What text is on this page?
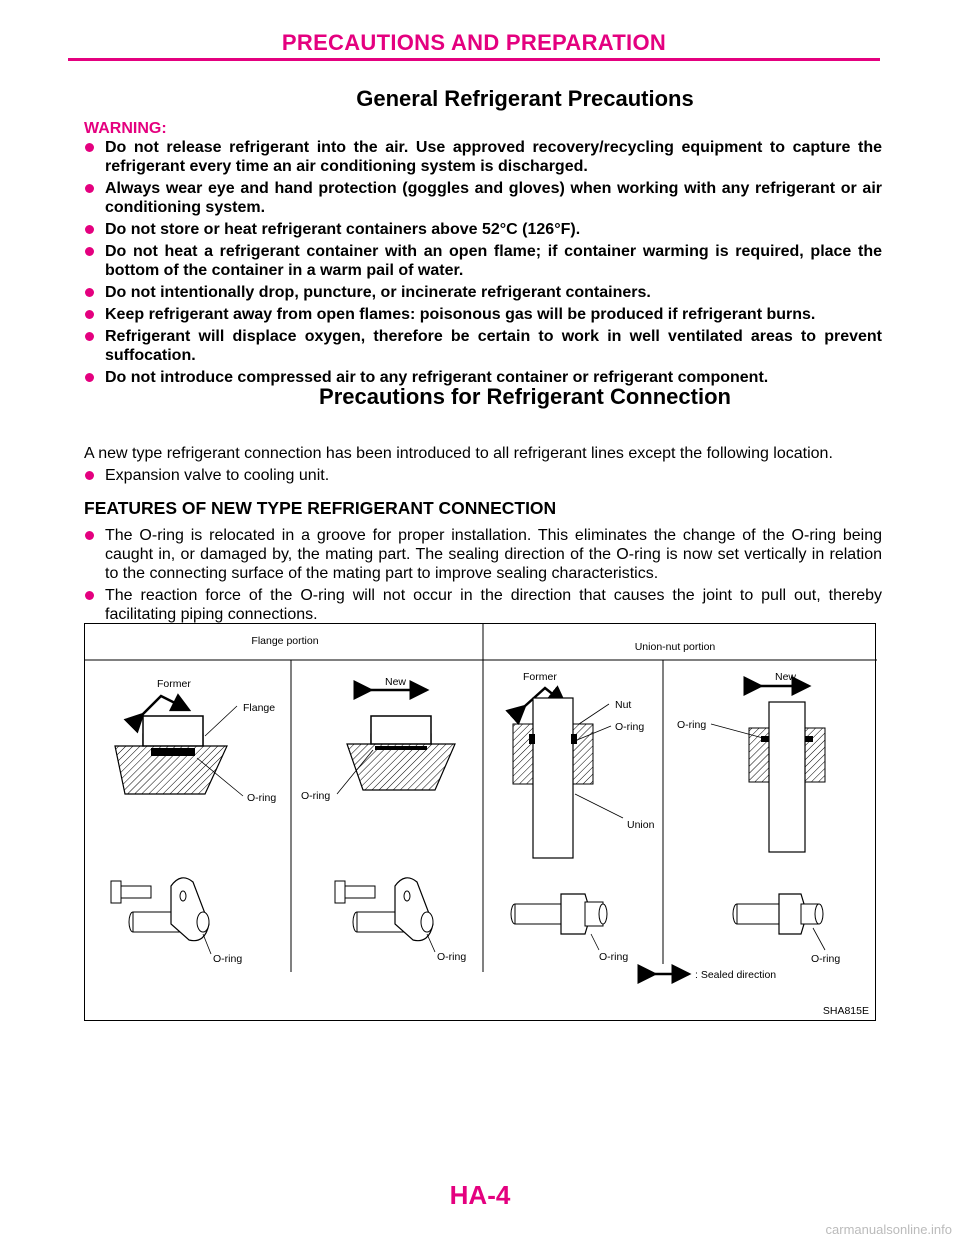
PRECAUTIONS AND PREPARATION
General Refrigerant Precautions
WARNING:
Do not release refrigerant into the air. Use approved recovery/recycling equipment to capture the refrigerant every time an air conditioning system is discharged.
Always wear eye and hand protection (goggles and gloves) when working with any refrigerant or air conditioning system.
Do not store or heat refrigerant containers above 52°C (126°F).
Do not heat a refrigerant container with an open flame; if container warming is required, place the bottom of the container in a warm pail of water.
Do not intentionally drop, puncture, or incinerate refrigerant containers.
Keep refrigerant away from open flames: poisonous gas will be produced if refrigerant burns.
Refrigerant will displace oxygen, therefore be certain to work in well ventilated areas to prevent suffocation.
Do not introduce compressed air to any refrigerant container or refrigerant component.
Precautions for Refrigerant Connection
A new type refrigerant connection has been introduced to all refrigerant lines except the following location.
Expansion valve to cooling unit.
FEATURES OF NEW TYPE REFRIGERANT CONNECTION
The O-ring is relocated in a groove for proper installation. This eliminates the change of the O-ring being caught in, or damaged by, the mating part. The sealing direction of the O-ring is now set vertically in relation to the connecting surface of the mating part to improve sealing characteristics.
The reaction force of the O-ring will not occur in the direction that causes the joint to pull out, thereby facilitating piping connections.
Flange portion	Union-nut portion
Former
Flange
O-ring
O-ring
New
O-ring
O-ring
Former
Nut
O-ring
Union
O-ring
New
O-ring
O-ring
: Sealed direction
SHA815E
HA-4
carmanualsonline.info
